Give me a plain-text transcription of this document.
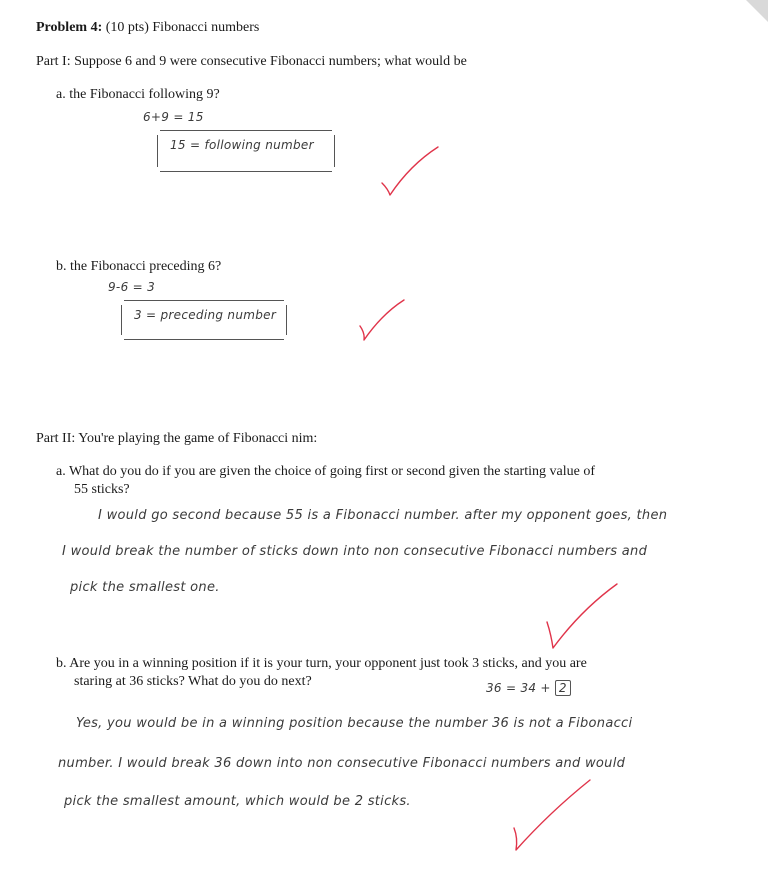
Problem 4: (10 pts) Fibonacci numbers
Part I: Suppose 6 and 9 were consecutive Fibonacci numbers; what would be
a. the Fibonacci following 9?
6+9 = 15
15 = following number
b. the Fibonacci preceding 6?
9-6 = 3
3 = preceding number
Part II: You're playing the game of Fibonacci nim:
a. What do you do if you are given the choice of going first or second given the starting value of
55 sticks?
I would go second because 55 is a Fibonacci number. after my opponent goes, then
I would break the number of sticks down into non consecutive Fibonacci numbers and
pick the smallest one.
b. Are you in a winning position if it is your turn, your opponent just took 3 sticks, and you are
staring at 36 sticks? What do you do next?	36 = 34 + 2
Yes, you would be in a winning position because the number 36 is not a Fibonacci
number. I would break 36 down into non consecutive Fibonacci numbers and would
pick the smallest amount, which would be 2 sticks.
